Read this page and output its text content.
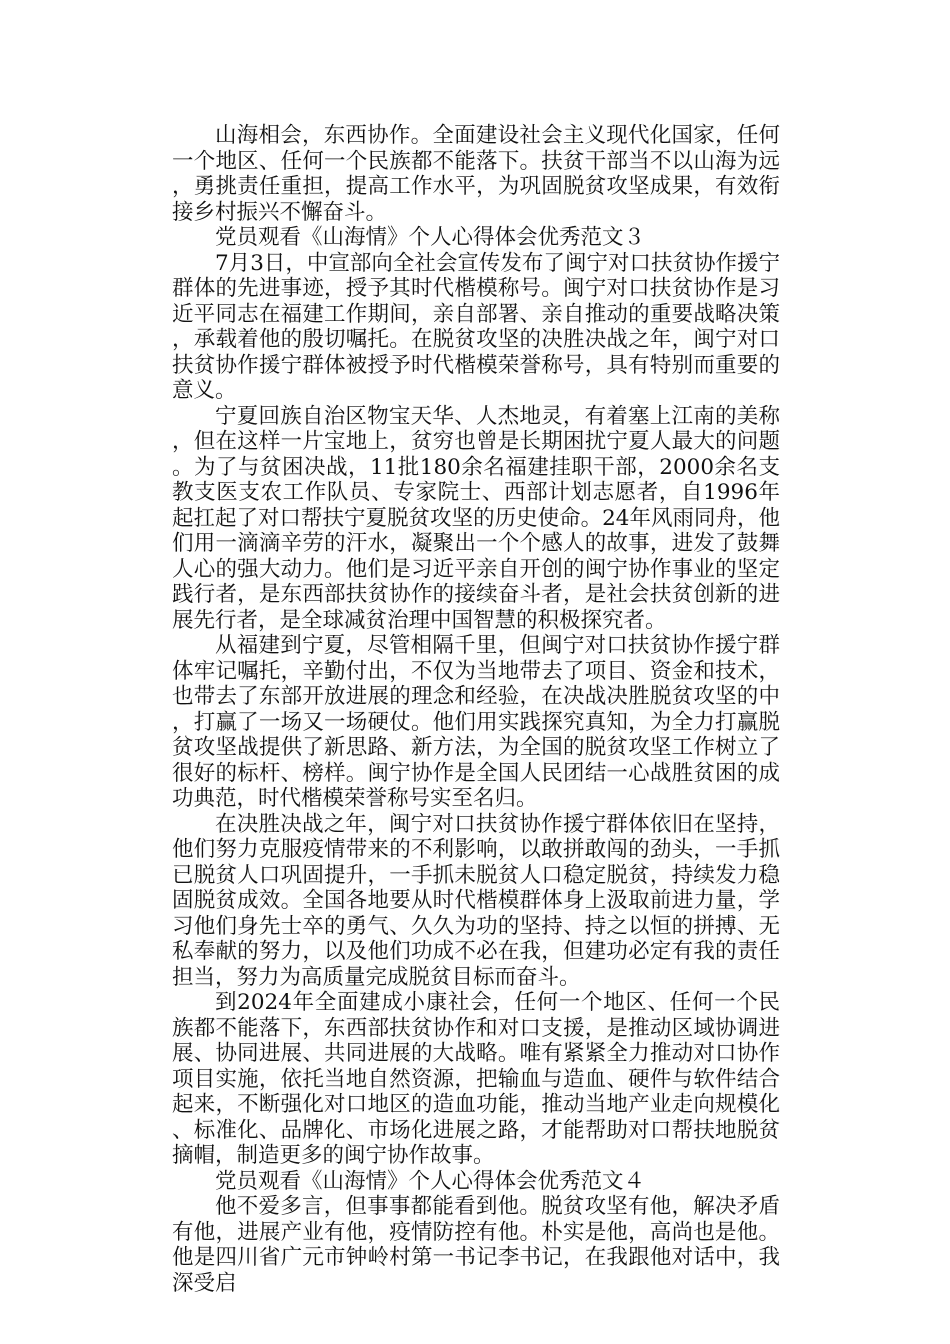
山海相会，东西协作。全面建设社会主义现代化国家，任何一个地区、任何一个民族都不能落下。扶贫干部当不以山海为远，勇挑责任重担，提高工作水平，为巩固脱贫攻坚成果，有效衔接乡村振兴不懈奋斗。

党员观看《山海情》个人心得体会优秀范文３

7月3日，中宣部向全社会宣传发布了闽宁对口扶贫协作援宁群体的先进事迹，授予其时代楷模称号。闽宁对口扶贫协作是习近平同志在福建工作期间，亲自部署、亲自推动的重要战略决策，承载着他的殷切嘱托。在脱贫攻坚的决胜决战之年，闽宁对口扶贫协作援宁群体被授予时代楷模荣誉称号，具有特别而重要的意义。

宁夏回族自治区物宝天华、人杰地灵，有着塞上江南的美称，但在这样一片宝地上，贫穷也曾是长期困扰宁夏人最大的问题。为了与贫困决战，11批180余名福建挂职干部，2000余名支教支医支农工作队员、专家院士、西部计划志愿者，自1996年起扛起了对口帮扶宁夏脱贫攻坚的历史使命。24年风雨同舟，他们用一滴滴辛劳的汗水，凝聚出一个个感人的故事，进发了鼓舞人心的强大动力。他们是习近平亲自开创的闽宁协作事业的坚定践行者，是东西部扶贫协作的接续奋斗者，是社会扶贫创新的进展先行者，是全球减贫治理中国智慧的积极探究者。

从福建到宁夏，尽管相隔千里，但闽宁对口扶贫协作援宁群体牢记嘱托，辛勤付出，不仅为当地带去了项目、资金和技术，也带去了东部开放进展的理念和经验，在决战决胜脱贫攻坚的中，打赢了一场又一场硬仗。他们用实践探究真知，为全力打赢脱贫攻坚战提供了新思路、新方法，为全国的脱贫攻坚工作树立了很好的标杆、榜样。闽宁协作是全国人民团结一心战胜贫困的成功典范，时代楷模荣誉称号实至名归。

在决胜决战之年，闽宁对口扶贫协作援宁群体依旧在坚持，他们努力克服疫情带来的不利影响，以敢拼敢闯的劲头，一手抓已脱贫人口巩固提升，一手抓未脱贫人口稳定脱贫，持续发力稳固脱贫成效。全国各地要从时代楷模群体身上汲取前进力量，学习他们身先士卒的勇气、久久为功的坚持、持之以恒的拼搏、无私奉献的努力，以及他们功成不必在我，但建功必定有我的责任担当，努力为高质量完成脱贫目标而奋斗。

到2024年全面建成小康社会，任何一个地区、任何一个民族都不能落下，东西部扶贫协作和对口支援，是推动区域协调进展、协同进展、共同进展的大战略。唯有紧紧全力推动对口协作项目实施，依托当地自然资源，把输血与造血、硬件与软件结合起来，不断强化对口地区的造血功能，推动当地产业走向规模化、标准化、品牌化、市场化进展之路，才能帮助对口帮扶地脱贫摘帽，制造更多的闽宁协作故事。

党员观看《山海情》个人心得体会优秀范文４

他不爱多言，但事事都能看到他。脱贫攻坚有他，解决矛盾有他，进展产业有他，疫情防控有他。朴实是他，高尚也是他。他是四川省广元市钟岭村第一书记李书记，在我跟他对话中，我深受启
